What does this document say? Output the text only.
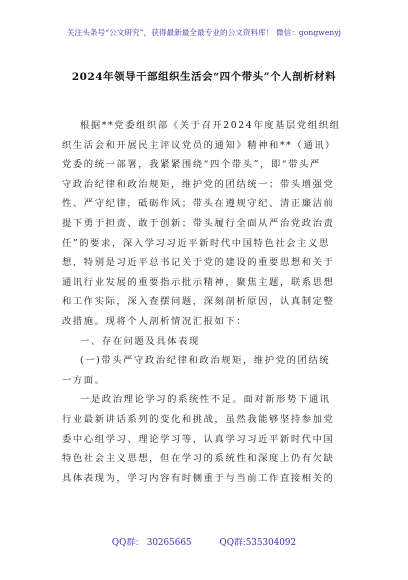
关注头条号“公文研究”，获得最新最全最专业的公文资料库！ 微信：gongwenyj
2024年领导干部组织生活会“四个带头”个人剖析材料
根据**党委组织部《关于召开2024年度基层党组织组
织生活会和开展民主评议党员的通知》精神和**（通讯）
党委的统一部署，我紧紧围绕“四个带头”，即“带头严
守政治纪律和政治规矩，维护党的团结统一；带头增强党
性、严守纪律，砥砺作风；带头在遵规守纪、清正廉洁前
提下勇于担责、敢于创新；带头履行全面从严治党政治责
任”的要求，深入学习习近平新时代中国特色社会主义思
想，特别是习近平总书记关于党的建设的重要思想和关于
通讯行业发展的重要指示批示精神，聚焦主题，联系思想
和工作实际，深入查摆问题，深刻剖析原因，认真制定整
改措施。现将个人剖析情况汇报如下：
一、存在问题及具体表现
(一)带头严守政治纪律和政治规矩，维护党的团结统
一方面。
一是政治理论学习的系统性不足。面对新形势下通讯
行业最新讲话系列的变化和挑战，虽然我能够坚持参加党
委中心组学习、理论学习等，认真学习习近平新时代中国
特色社会主义思想，但在学习的系统性和深度上仍有欠缺
具体表现为，学习内容有时侧重于与当前工作直接相关的
QQ群： 30265665	QQ群:535304092
